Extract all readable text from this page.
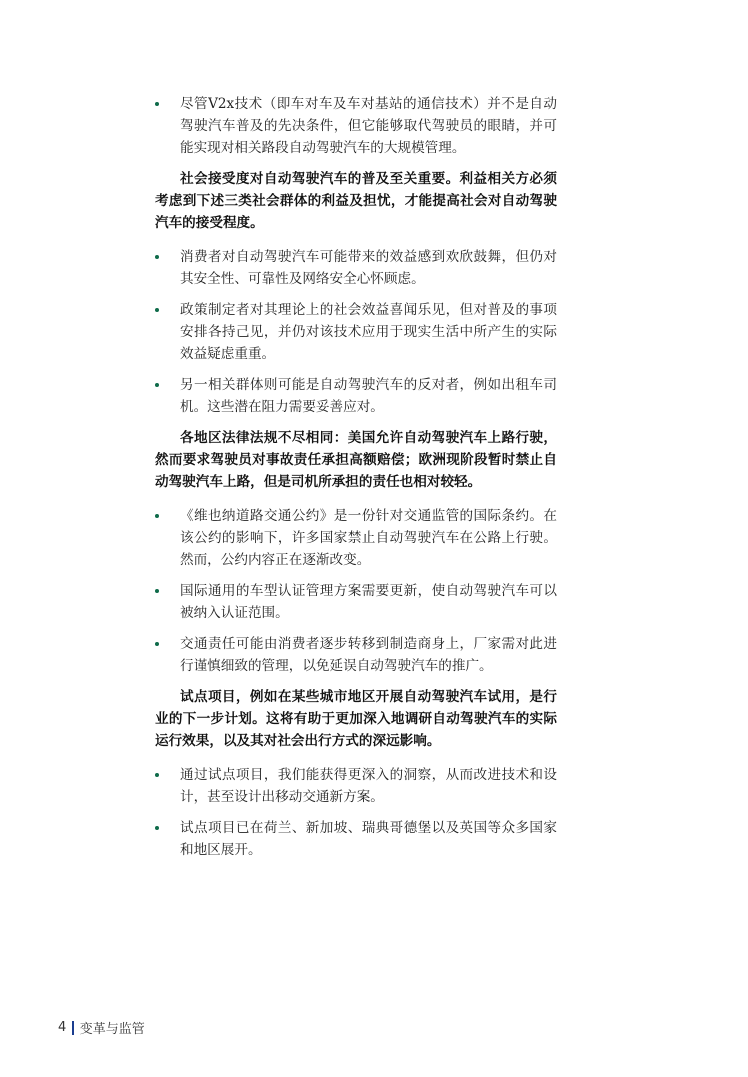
尽管V2x技术（即车对车及车对基站的通信技术）并不是自动驾驶汽车普及的先决条件，但它能够取代驾驶员的眼睛，并可能实现对相关路段自动驾驶汽车的大规模管理。
社会接受度对自动驾驶汽车的普及至关重要。利益相关方必须考虑到下述三类社会群体的利益及担忧，才能提高社会对自动驾驶汽车的接受程度。
消费者对自动驾驶汽车可能带来的效益感到欢欣鼓舞，但仍对其安全性、可靠性及网络安全心怀顾虑。
政策制定者对其理论上的社会效益喜闻乐见，但对普及的事项安排各持己见，并仍对该技术应用于现实生活中所产生的实际效益疑虑重重。
另一相关群体则可能是自动驾驶汽车的反对者，例如出租车司机。这些潜在阻力需要妥善应对。
各地区法律法规不尽相同：美国允许自动驾驶汽车上路行驶，然而要求驾驶员对事故责任承担高额赔偿；欧洲现阶段暂时禁止自动驾驶汽车上路，但是司机所承担的责任也相对较轻。
《维也纳道路交通公约》是一份针对交通监管的国际条约。在该公约的影响下，许多国家禁止自动驾驶汽车在公路上行驶。然而，公约内容正在逐渐改变。
国际通用的车型认证管理方案需要更新，使自动驾驶汽车可以被纳入认证范围。
交通责任可能由消费者逐步转移到制造商身上，厂家需对此进行谨慎细致的管理，以免延误自动驾驶汽车的推广。
试点项目，例如在某些城市地区开展自动驾驶汽车试用，是行业的下一步计划。这将有助于更加深入地调研自动驾驶汽车的实际运行效果，以及其对社会出行方式的深远影响。
通过试点项目，我们能获得更深入的洞察，从而改进技术和设计，甚至设计出移动交通新方案。
试点项目已在荷兰、新加坡、瑞典哥德堡以及英国等众多国家和地区展开。
4 变革与监管
